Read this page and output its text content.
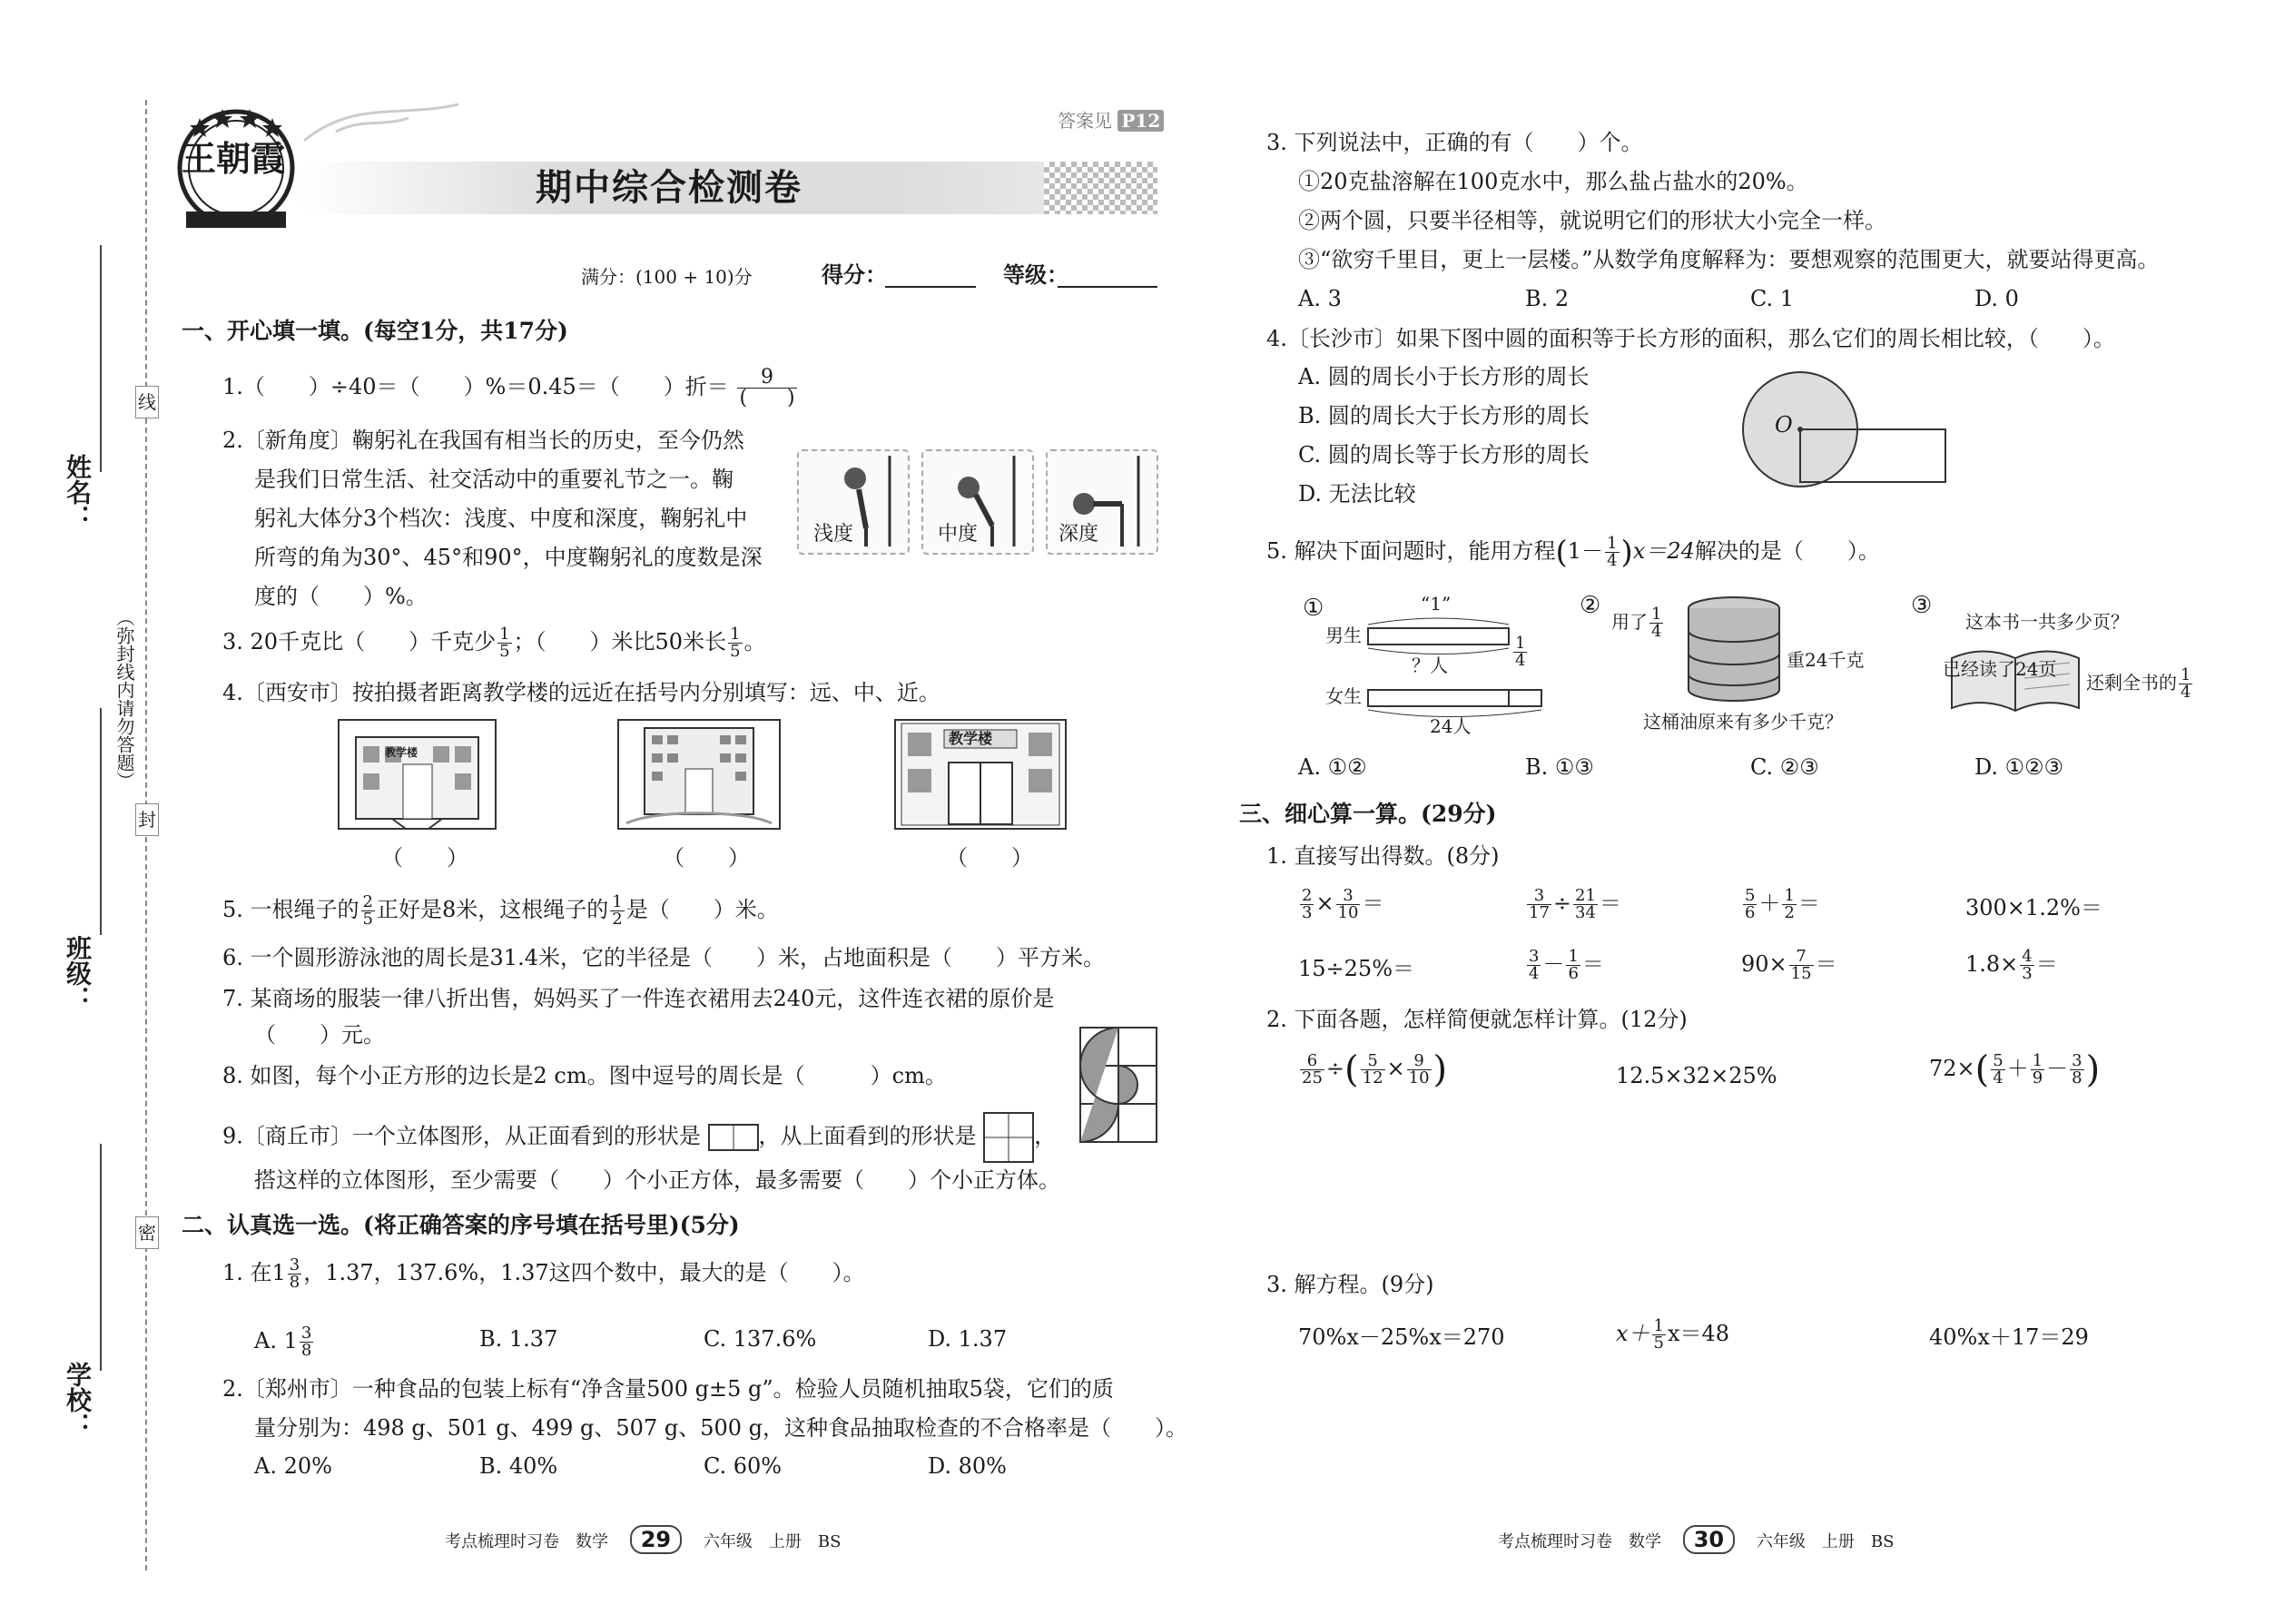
姓名：
（弥封线内请勿答题）
班级：
学校：
线
封
密
王朝霞
期中综合检测卷
答案见 P12
满分：(100 + 10)分	得分：	等级：
一、开心填一填。(每空1分，共17分)
1.（　　）÷40＝（　　）%＝0.45＝（　　）折＝ $\frac{9}{( )}$
2.〔新角度〕鞠躬礼在我国有相当长的历史，至今仍然
是我们日常生活、社交活动中的重要礼节之一。鞠
躬礼大体分3个档次：浅度、中度和深度，鞠躬礼中
所弯的角为30°、45°和90°，中度鞠躬礼的度数是深
度的（　　）%。
浅度	中度	深度
3. 20千克比（　　）千克少 $\frac{1}{5}$ ；（　　）米比50米长 $\frac{1}{5}$ 。
4.〔西安市〕按拍摄者距离教学楼的远近在括号内分别填写：远、中、近。
教学楼
教学楼
（　　）	（　　）	（　　）
5. 一根绳子的 $\frac{2}{5}$ 正好是8米，这根绳子的 $\frac{1}{2}$ 是（　　）米。
6. 一个圆形游泳池的周长是31.4米，它的半径是（　　）米，占地面积是（　　）平方米。
7. 某商场的服装一律八折出售，妈妈买了一件连衣裙用去240元，这件连衣裙的原价是
（　　）元。
8. 如图，每个小正方形的边长是2 cm。图中逗号的周长是（　　　）cm。
9.〔商丘市〕一个立体图形，从正面看到的形状是	，从上面看到的形状是	，
搭这样的立体图形，至少需要（　　）个小正方体，最多需要（　　）个小正方体。
二、认真选一选。(将正确答案的序号填在括号里)(5分)
1. 在$1 \frac{3}{8}$ ，1.37，137.6%，1.37这四个数中，最大的是（　　）。
A. $1 \frac{3}{8}$	B. 1.37	C. 137.6%	D. 1.37
2.〔郑州市〕一种食品的包装上标有“净含量500 g±5 g”。检验人员随机抽取5袋，它们的质
量分别为：498 g、501 g、499 g、507 g、500 g，这种食品抽取检查的不合格率是（　　）。
A. 20%	B. 40%	C. 60%	D. 80%
考点梳理时习卷　数学　 29　 六年级　上册　BS
3. 下列说法中，正确的有（　　）个。
①20克盐溶解在100克水中，那么盐占盐水的20%。
②两个圆，只要半径相等，就说明它们的形状大小完全一样。
③“欲穷千里目，更上一层楼。”从数学角度解释为：要想观察的范围更大，就要站得更高。
A. 3	B. 2	C. 1	D. 0
4.〔长沙市〕如果下图中圆的面积等于长方形的面积，那么它们的周长相比较，（　　）。
A. 圆的周长小于长方形的周长
B. 圆的周长大于长方形的周长
C. 圆的周长等于长方形的周长
D. 无法比较
O
5. 解决下面问题时，能用方程$(1- \frac{1}{4} )x=24$解决的是（　　）。
①	“1”
男生
女生
？人	$\frac{1}{4}$
24人
②
用了 $\frac{1}{4}$
重24千克
这桶油原来有多少千克？
③
这本书一共多少页？
已经读了24页
还剩全书的 $\frac{1}{4}$
A. ①②	B. ①③	C. ②③	D. ①②③
三、细心算一算。(29分)
1. 直接写出得数。(8分)
$\frac{2}{3} \times \frac{3}{10}$ ＝	$\frac{3}{17} \div \frac{21}{34}$ ＝	$\frac{5}{6} + \frac{1}{2}$ ＝	300×1.2%＝
15÷25%＝	$\frac{3}{4} - \frac{1}{6}$ ＝	$90\times \frac{7}{15}$ ＝	$1.8\times \frac{4}{3}$ ＝
2. 下面各题，怎样简便就怎样计算。(12分)
$\frac{6}{25}$ ÷( $\frac{5}{12} \times \frac{9}{10}$ )	12.5×32×25%	$72\times( \frac{5}{4} + \frac{1}{9} - \frac{3}{8}$ )
3. 解方程。(9分)
70%x－25%x＝270	$x+ \frac{1}{5} x=48$	40%x＋17＝29
考点梳理时习卷　数学　 30　 六年级　上册　BS
